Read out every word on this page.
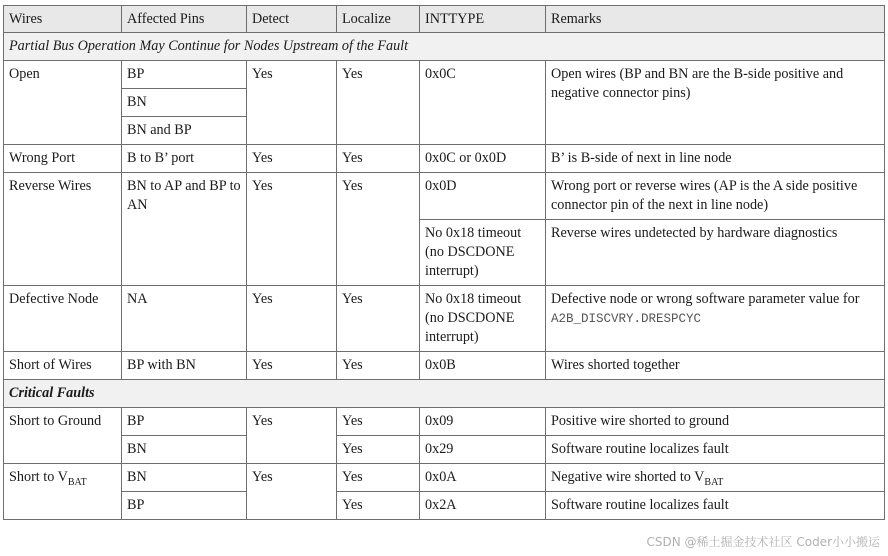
Wires	Affected Pins	Detect	Localize	INTTYPE	Remarks
Partial Bus Operation May Continue for Nodes Upstream of the Fault					
Open	BP	Yes	Yes	0x0C	Open wires (BP and BN are the B-side positive and negative connector pins)
	BN				
	BN and BP				
Wrong Port	B to B’ port	Yes	Yes	0x0C or 0x0D	B’ is B-side of next in line node
Reverse Wires	BN to AP and BP to AN	Yes	Yes	0x0D	Wrong port or reverse wires (AP is the A side positive connector pin of the next in line node)
				No 0x18 timeout (no DSCDONE interrupt)	Reverse wires undetected by hardware diagnostics
Defective Node	NA	Yes	Yes	No 0x18 timeout (no DSCDONE interrupt)	Defective node or wrong software parameter value for
A2B_DISCVRY.DRESPCYC
Short of Wires	BP with BN	Yes	Yes	0x0B	Wires shorted together
Critical Faults					
Short to Ground	BP	Yes	Yes	0x09	Positive wire shorted to ground
	BN		Yes	0x29	Software routine localizes fault
Short to $V_{BAT}$	BN	Yes	Yes	0x0A	Negative wire shorted to $V_{BAT}$
	BP		Yes	0x2A	Software routine localizes fault
CSDN @稀土掘金技术社区 Coder小小搬运
